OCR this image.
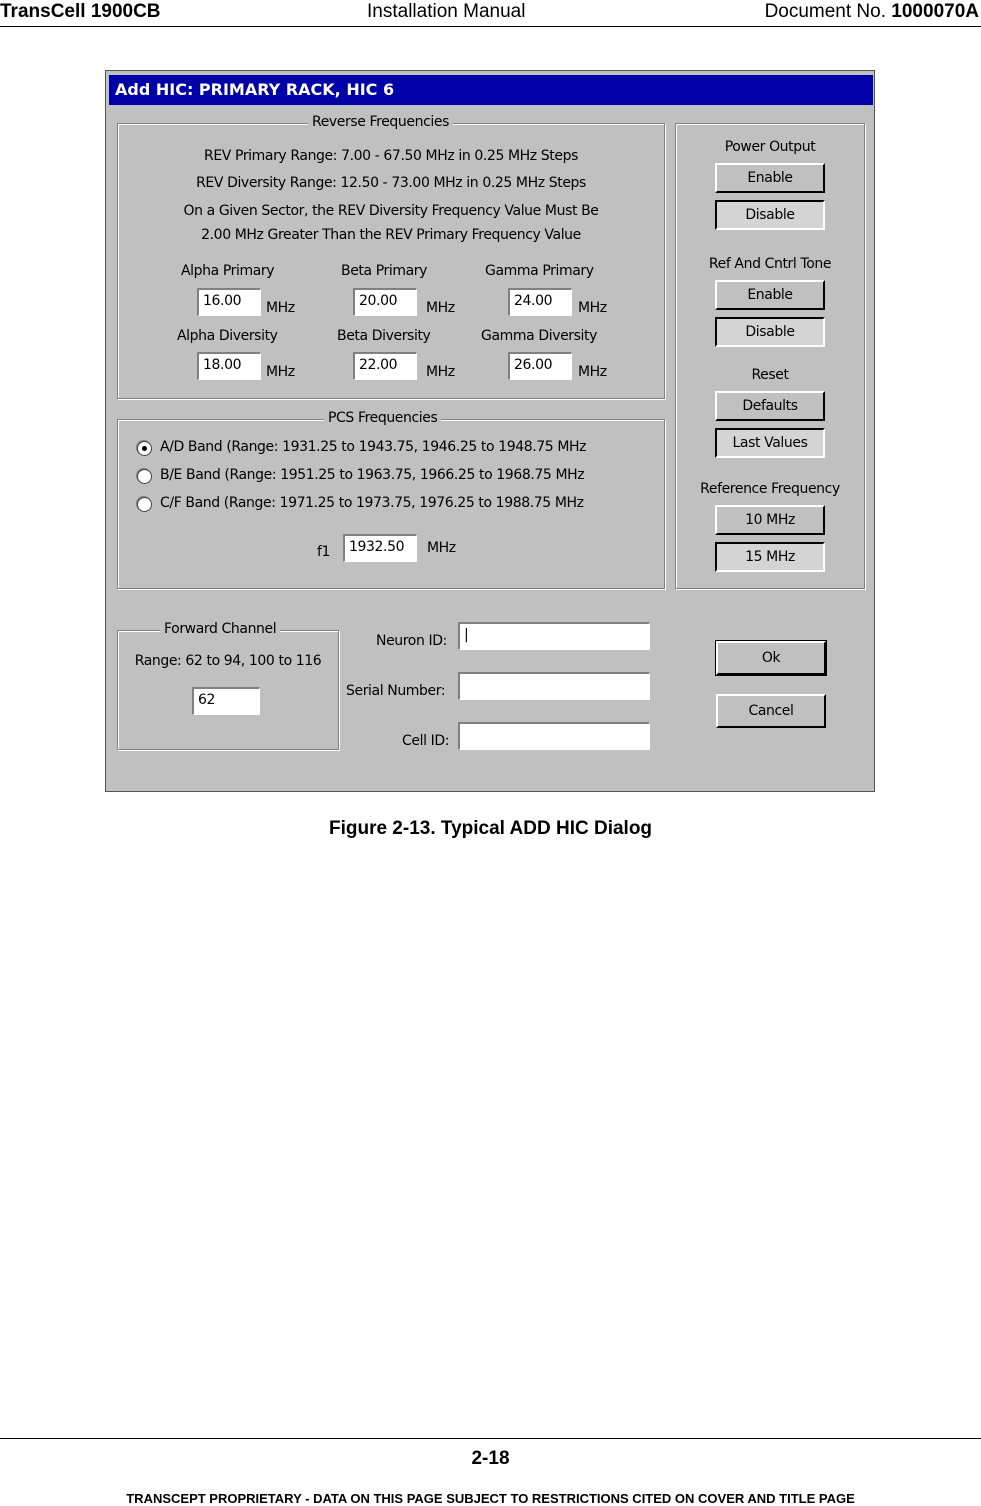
TransCell 1900CB	Installation Manual	Document No. 1000070A
Add HIC: PRIMARY RACK, HIC 6
Reverse Frequencies
REV Primary Range: 7.00 - 67.50 MHz in 0.25 MHz Steps
REV Diversity Range: 12.50 - 73.00 MHz in 0.25 MHz Steps
On a Given Sector, the REV Diversity Frequency Value Must Be
2.00 MHz Greater Than the REV Primary Frequency Value
Alpha Primary	Beta Primary	Gamma Primary
16.00	MHz	20.00	MHz	24.00	MHz
Alpha Diversity	Beta Diversity	Gamma Diversity
18.00	MHz	22.00	MHz	26.00	MHz
PCS Frequencies
A/D Band (Range: 1931.25 to 1943.75, 1946.25 to 1948.75 MHz
B/E Band (Range: 1951.25 to 1963.75, 1966.25 to 1968.75 MHz
C/F Band (Range: 1971.25 to 1973.75, 1976.25 to 1988.75 MHz
f1	1932.50	MHz
Power Output
Enable
Disable
Ref And Cntrl Tone
Enable
Disable
Reset
Defaults
Last Values
Reference Frequency
10 MHz
15 MHz
Forward Channel
Range: 62 to 94, 100 to 116
62
Neuron ID:	|
Serial Number:
Cell ID:
Ok
Cancel
Figure 2-13. Typical ADD HIC Dialog
2-18
TRANSCEPT PROPRIETARY - DATA ON THIS PAGE SUBJECT TO RESTRICTIONS CITED ON COVER AND TITLE PAGE
